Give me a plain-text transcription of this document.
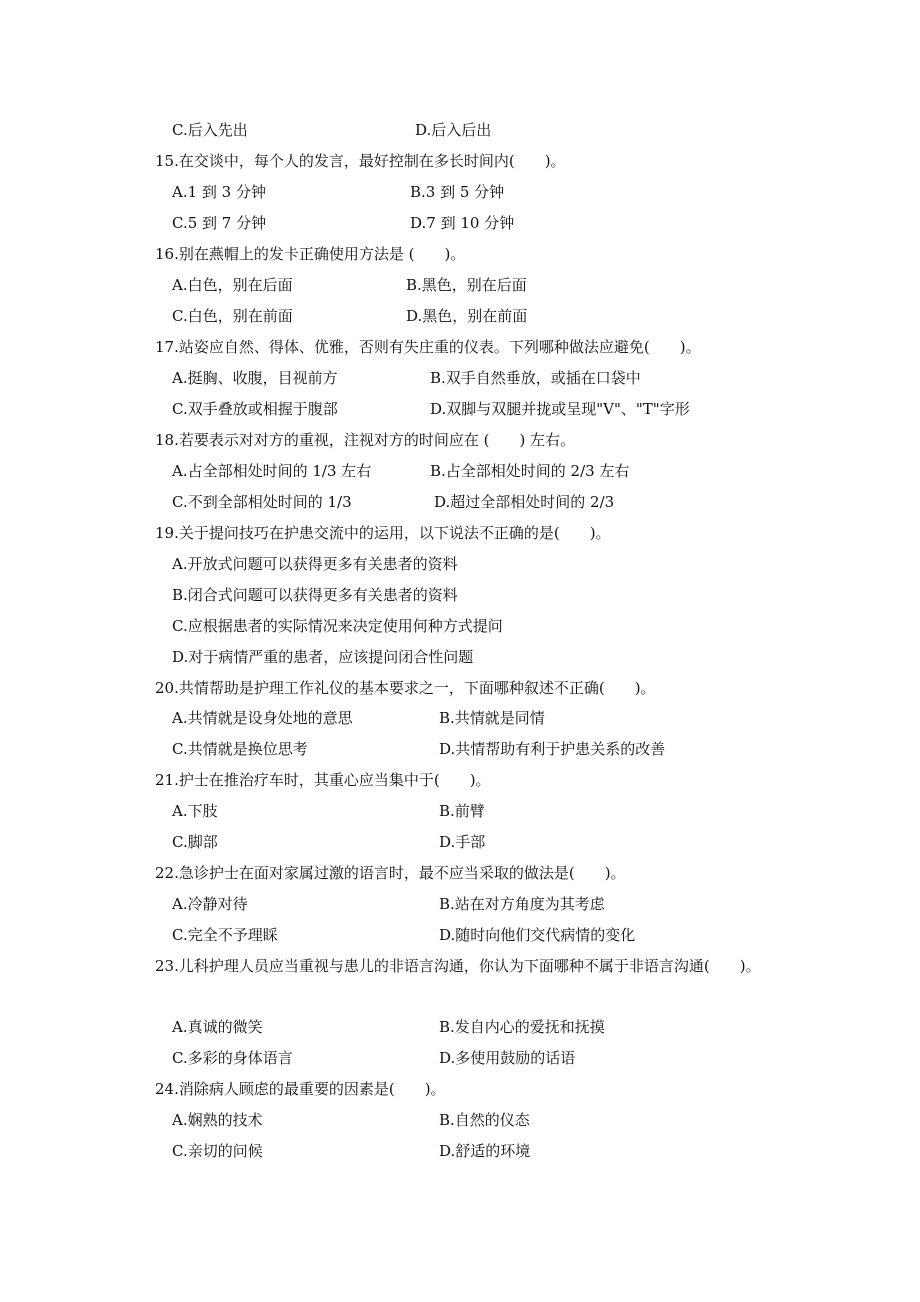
C.后入先出	D.后入后出
15.在交谈中，每个人的发言，最好控制在多长时间内(　　)。
A.1 到 3 分钟	B.3 到 5 分钟
C.5 到 7 分钟	D.7 到 10 分钟
16.别在燕帽上的发卡正确使用方法是 (　　)。
A.白色，别在后面	B.黑色，别在后面
C.白色，别在前面	D.黑色，别在前面
17.站姿应自然、得体、优雅，否则有失庄重的仪表。下列哪种做法应避免(　　)。
A.挺胸、收腹，目视前方	B.双手自然垂放，或插在口袋中
C.双手叠放或相握于腹部	D.双脚与双腿并拢或呈现"V"、"T"字形
18.若要表示对对方的重视，注视对方的时间应在 (　　) 左右。
A.占全部相处时间的 1/3 左右	B.占全部相处时间的 2/3 左右
C.不到全部相处时间的 1/3	D.超过全部相处时间的 2/3
19.关于提问技巧在护患交流中的运用，以下说法不正确的是(　　)。
A.开放式问题可以获得更多有关患者的资料
B.闭合式问题可以获得更多有关患者的资料
C.应根据患者的实际情况来决定使用何种方式提问
D.对于病情严重的患者，应该提问闭合性问题
20.共情帮助是护理工作礼仪的基本要求之一，下面哪种叙述不正确(　　)。
A.共情就是设身处地的意思	B.共情就是同情
C.共情就是换位思考	D.共情帮助有利于护患关系的改善
21.护士在推治疗车时，其重心应当集中于(　　)。
A.下肢	B.前臂
C.脚部	D.手部
22.急诊护士在面对家属过激的语言时，最不应当采取的做法是(　　)。
A.冷静对待	B.站在对方角度为其考虑
C.完全不予理睬	D.随时向他们交代病情的变化
23.儿科护理人员应当重视与患儿的非语言沟通，你认为下面哪种不属于非语言沟通(　　)。
A.真诚的微笑	B.发自内心的爱抚和抚摸
C.多彩的身体语言	D.多使用鼓励的话语
24.消除病人顾虑的最重要的因素是(　　)。
A.娴熟的技术	B.自然的仪态
C.亲切的问候	D.舒适的环境
